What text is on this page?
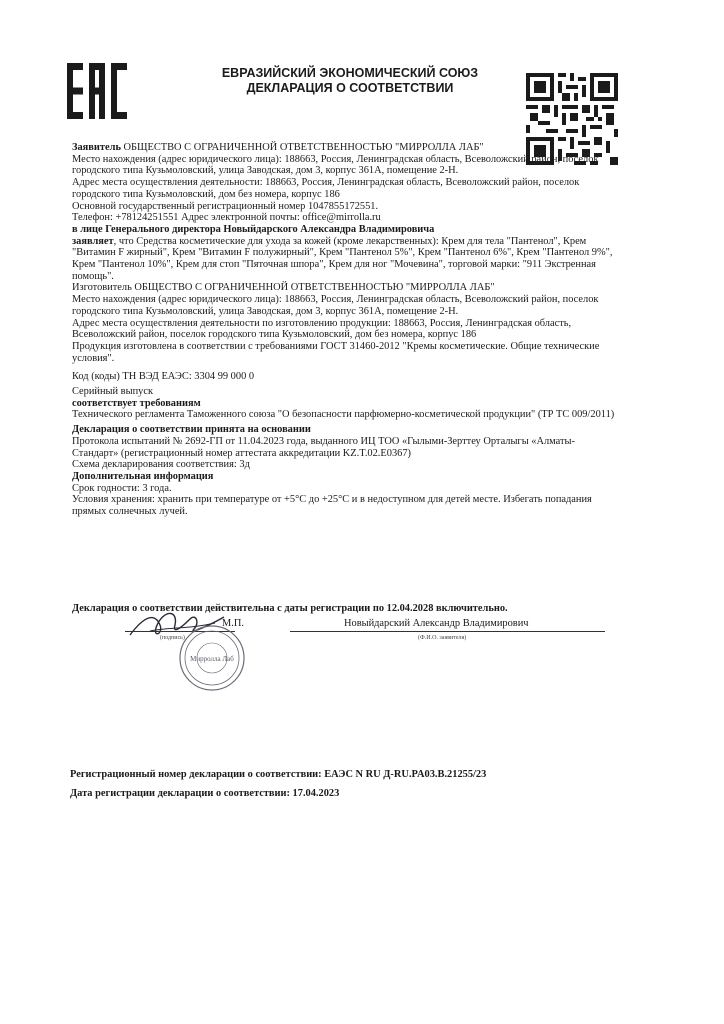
ЕВРАЗИЙСКИЙ ЭКОНОМИЧЕСКИЙ СОЮЗ
ДЕКЛАРАЦИЯ О СООТВЕТСТВИИ

Заявитель ОБЩЕСТВО С ОГРАНИЧЕННОЙ ОТВЕТСТВЕННОСТЬЮ "МИРРОЛЛА ЛАБ"

Место нахождения (адрес юридического лица): 188663, Россия, Ленинградская область, Всеволожский район, поселок городского типа Кузьмоловский, улица Заводская, дом 3, корпус 361А, помещение 2-Н.

Адрес места осуществления деятельности: 188663, Россия, Ленинградская область, Всеволожский район, поселок городского типа Кузьмоловский, дом без номера, корпус 186

Основной государственный регистрационный номер 1047855172551.

Телефон: +78124251551 Адрес электронной почты: office@mirrolla.ru

в лице Генерального директора Новыйдарского Александра Владимировича

заявляет, что Средства косметические для ухода за кожей (кроме лекарственных): Крем для тела "Пантенол", Крем "Витамин F жирный", Крем "Витамин F полужирный", Крем "Пантенол 5%", Крем "Пантенол 6%", Крем "Пантенол 9%", Крем "Пантенол 10%", Крем для стоп "Пяточная шпора", Крем для ног "Мочевина", торговой марки: "911 Экстренная помощь".

Изготовитель ОБЩЕСТВО С ОГРАНИЧЕННОЙ ОТВЕТСТВЕННОСТЬЮ "МИРРОЛЛА ЛАБ"

Место нахождения (адрес юридического лица): 188663, Россия, Ленинградская область, Всеволожский район, поселок городского типа Кузьмоловский, улица Заводская, дом 3, корпус 361А, помещение 2-Н.

Адрес места осуществления деятельности по изготовлению продукции: 188663, Россия, Ленинградская область, Всеволожский район, поселок городского типа Кузьмоловский, дом без номера, корпус 186

Продукция изготовлена в соответствии с требованиями ГОСТ 31460-2012 "Кремы косметические. Общие технические условия".

Код (коды) ТН ВЭД ЕАЭС: 3304 99 000 0

Серийный выпуск

соответствует требованиям

Технического регламента Таможенного союза "О безопасности парфюмерно-косметической продукции" (ТР ТС 009/2011)

Декларация о соответствии принята на основании

Протокола испытаний № 2692-ГП от 11.04.2023 года, выданного ИЦ ТОО «Гылыми-Зерттеу Орталыгы «Алматы-Стандарт» (регистрационный номер аттестата аккредитации KZ.T.02.E0367)

Схема декларирования соответствия: 3д

Дополнительная информация

Срок годности: 3 года.

Условия хранения: хранить при температуре от +5°С до +25°С и в недоступном для детей месте. Избегать попадания прямых солнечных лучей.

Декларация о соответствии действительна с даты регистрации по 12.04.2028 включительно.
М.П.	Новыйдарский Александр Владимирович
(подпись)	(Ф.И.О. заявителя)
Мирролла Лаб
Регистрационный номер декларации о соответствии: ЕАЭС N RU Д-RU.PA03.B.21255/23
Дата регистрации декларации о соответствии: 17.04.2023
